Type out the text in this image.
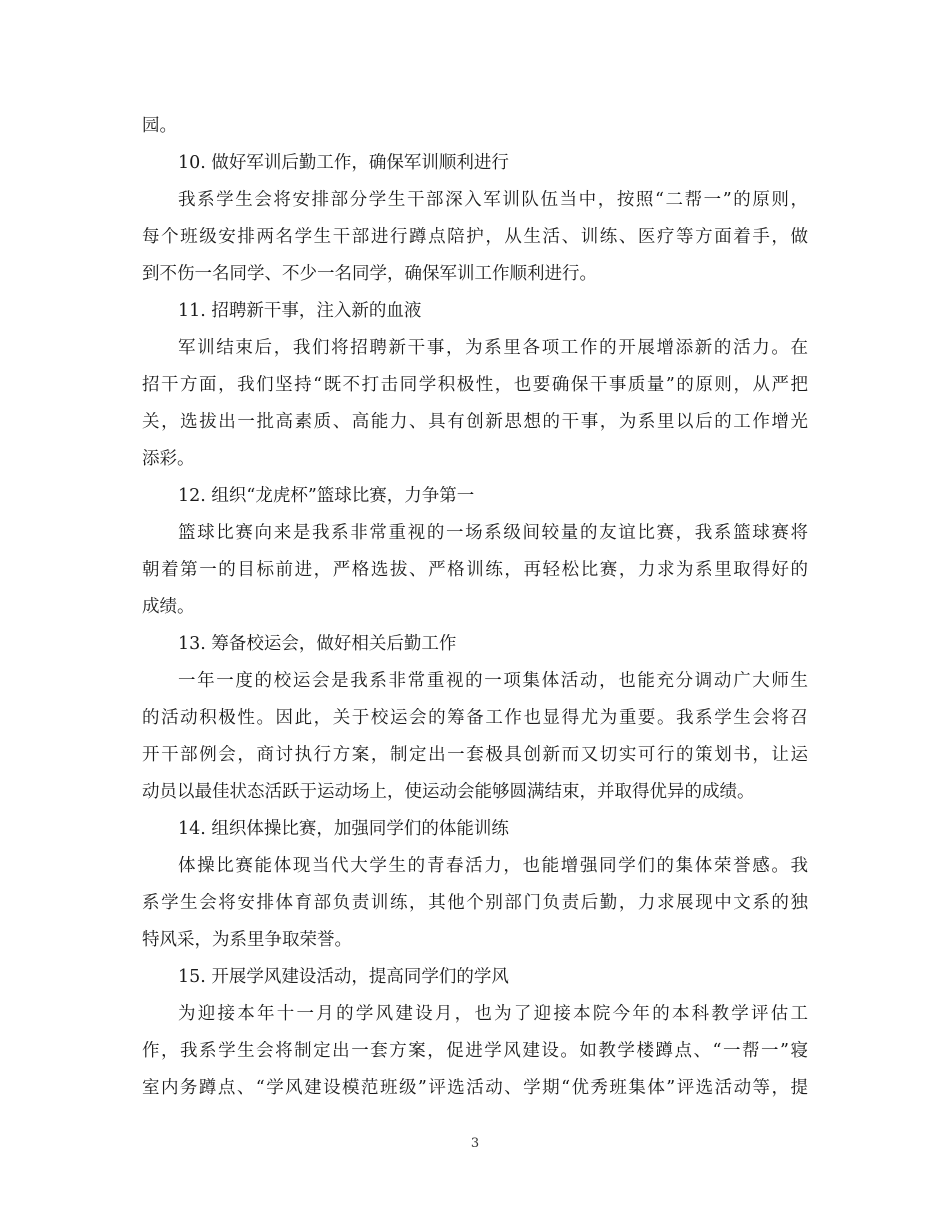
园。
10. 做好军训后勤工作，确保军训顺利进行
我系学生会将安排部分学生干部深入军训队伍当中，按照“二帮一”的原则，
每个班级安排两名学生干部进行蹲点陪护，从生活、训练、医疗等方面着手，做
到不伤一名同学、不少一名同学，确保军训工作顺利进行。
11. 招聘新干事，注入新的血液
军训结束后，我们将招聘新干事，为系里各项工作的开展增添新的活力。在
招干方面，我们坚持“既不打击同学积极性，也要确保干事质量”的原则，从严把
关，选拔出一批高素质、高能力、具有创新思想的干事，为系里以后的工作增光
添彩。
12. 组织“龙虎杯”篮球比赛，力争第一
篮球比赛向来是我系非常重视的一场系级间较量的友谊比赛，我系篮球赛将
朝着第一的目标前进，严格选拔、严格训练，再轻松比赛，力求为系里取得好的
成绩。
13. 筹备校运会，做好相关后勤工作
一年一度的校运会是我系非常重视的一项集体活动，也能充分调动广大师生
的活动积极性。因此，关于校运会的筹备工作也显得尤为重要。我系学生会将召
开干部例会，商讨执行方案，制定出一套极具创新而又切实可行的策划书，让运
动员以最佳状态活跃于运动场上，使运动会能够圆满结束，并取得优异的成绩。
14. 组织体操比赛，加强同学们的体能训练
体操比赛能体现当代大学生的青春活力，也能增强同学们的集体荣誉感。我
系学生会将安排体育部负责训练，其他个别部门负责后勤，力求展现中文系的独
特风采，为系里争取荣誉。
15. 开展学风建设活动，提高同学们的学风
为迎接本年十一月的学风建设月，也为了迎接本院今年的本科教学评估工
作，我系学生会将制定出一套方案，促进学风建设。如教学楼蹲点、“一帮一”寝
室内务蹲点、“学风建设模范班级”评选活动、学期“优秀班集体”评选活动等，提
3
